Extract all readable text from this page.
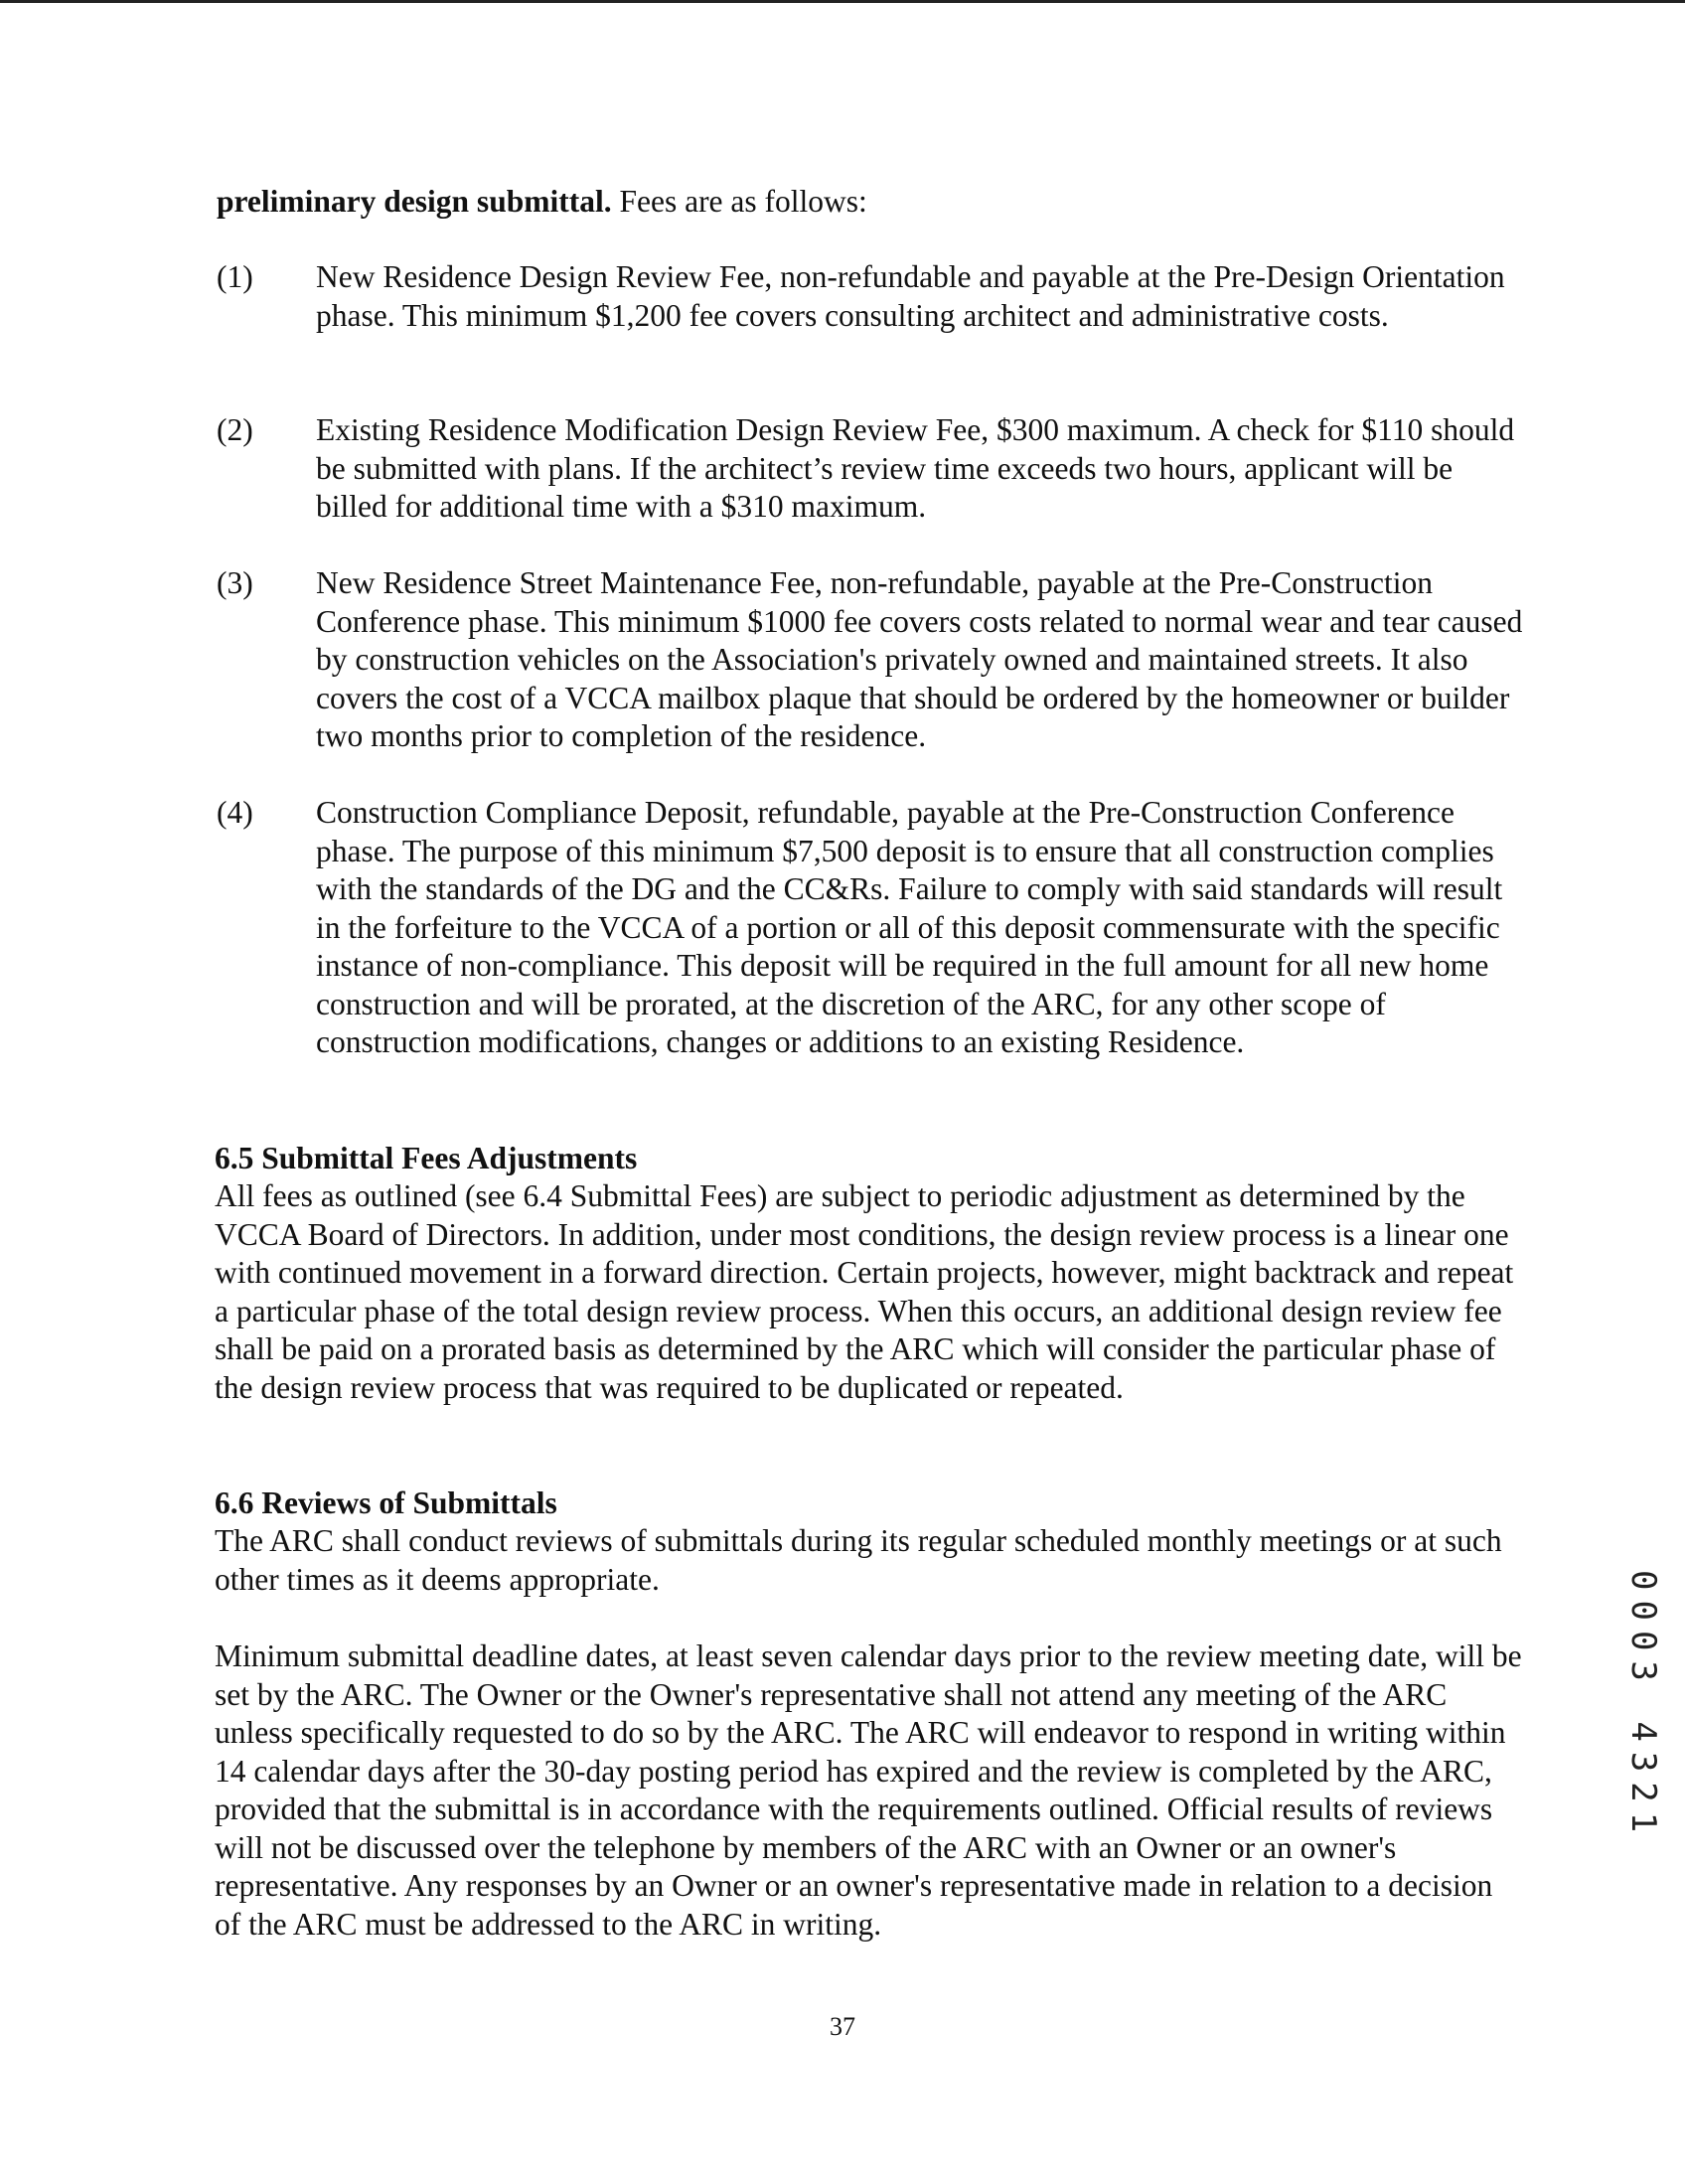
preliminary design submittal. Fees are as follows:

(1) New Residence Design Review Fee, non-refundable and payable at the Pre-Design Orientation phase. This minimum $1,200 fee covers consulting architect and administrative costs.
(2) Existing Residence Modification Design Review Fee, $300 maximum. A check for $110 should be submitted with plans. If the architect’s review time exceeds two hours, applicant will be billed for additional time with a $310 maximum.
(3) New Residence Street Maintenance Fee, non-refundable, payable at the Pre-Construction Conference phase. This minimum $1000 fee covers costs related to normal wear and tear caused by construction vehicles on the Association's privately owned and maintained streets. It also covers the cost of a VCCA mailbox plaque that should be ordered by the homeowner or builder two months prior to completion of the residence.
(4) Construction Compliance Deposit, refundable, payable at the Pre-Construction Conference phase. The purpose of this minimum $7,500 deposit is to ensure that all construction complies with the standards of the DG and the CC&Rs. Failure to comply with said standards will result in the forfeiture to the VCCA of a portion or all of this deposit commensurate with the specific instance of non-compliance. This deposit will be required in the full amount for all new home construction and will be prorated, at the discretion of the ARC, for any other scope of construction modifications, changes or additions to an existing Residence.
6.5 Submittal Fees Adjustments
All fees as outlined (see 6.4 Submittal Fees) are subject to periodic adjustment as determined by the VCCA Board of Directors. In addition, under most conditions, the design review process is a linear one with continued movement in a forward direction. Certain projects, however, might backtrack and repeat a particular phase of the total design review process. When this occurs, an additional design review fee shall be paid on a prorated basis as determined by the ARC which will consider the particular phase of the design review process that was required to be duplicated or repeated.
6.6 Reviews of Submittals
The ARC shall conduct reviews of submittals during its regular scheduled monthly meetings or at such other times as it deems appropriate.
Minimum submittal deadline dates, at least seven calendar days prior to the review meeting date, will be set by the ARC. The Owner or the Owner's representative shall not attend any meeting of the ARC unless specifically requested to do so by the ARC. The ARC will endeavor to respond in writing within 14 calendar days after the 30-day posting period has expired and the review is completed by the ARC, provided that the submittal is in accordance with the requirements outlined. Official results of reviews will not be discussed over the telephone by members of the ARC with an Owner or an owner's representative. Any responses by an Owner or an owner's representative made in relation to a decision of the ARC must be addressed to the ARC in writing.
37
0003 4321
